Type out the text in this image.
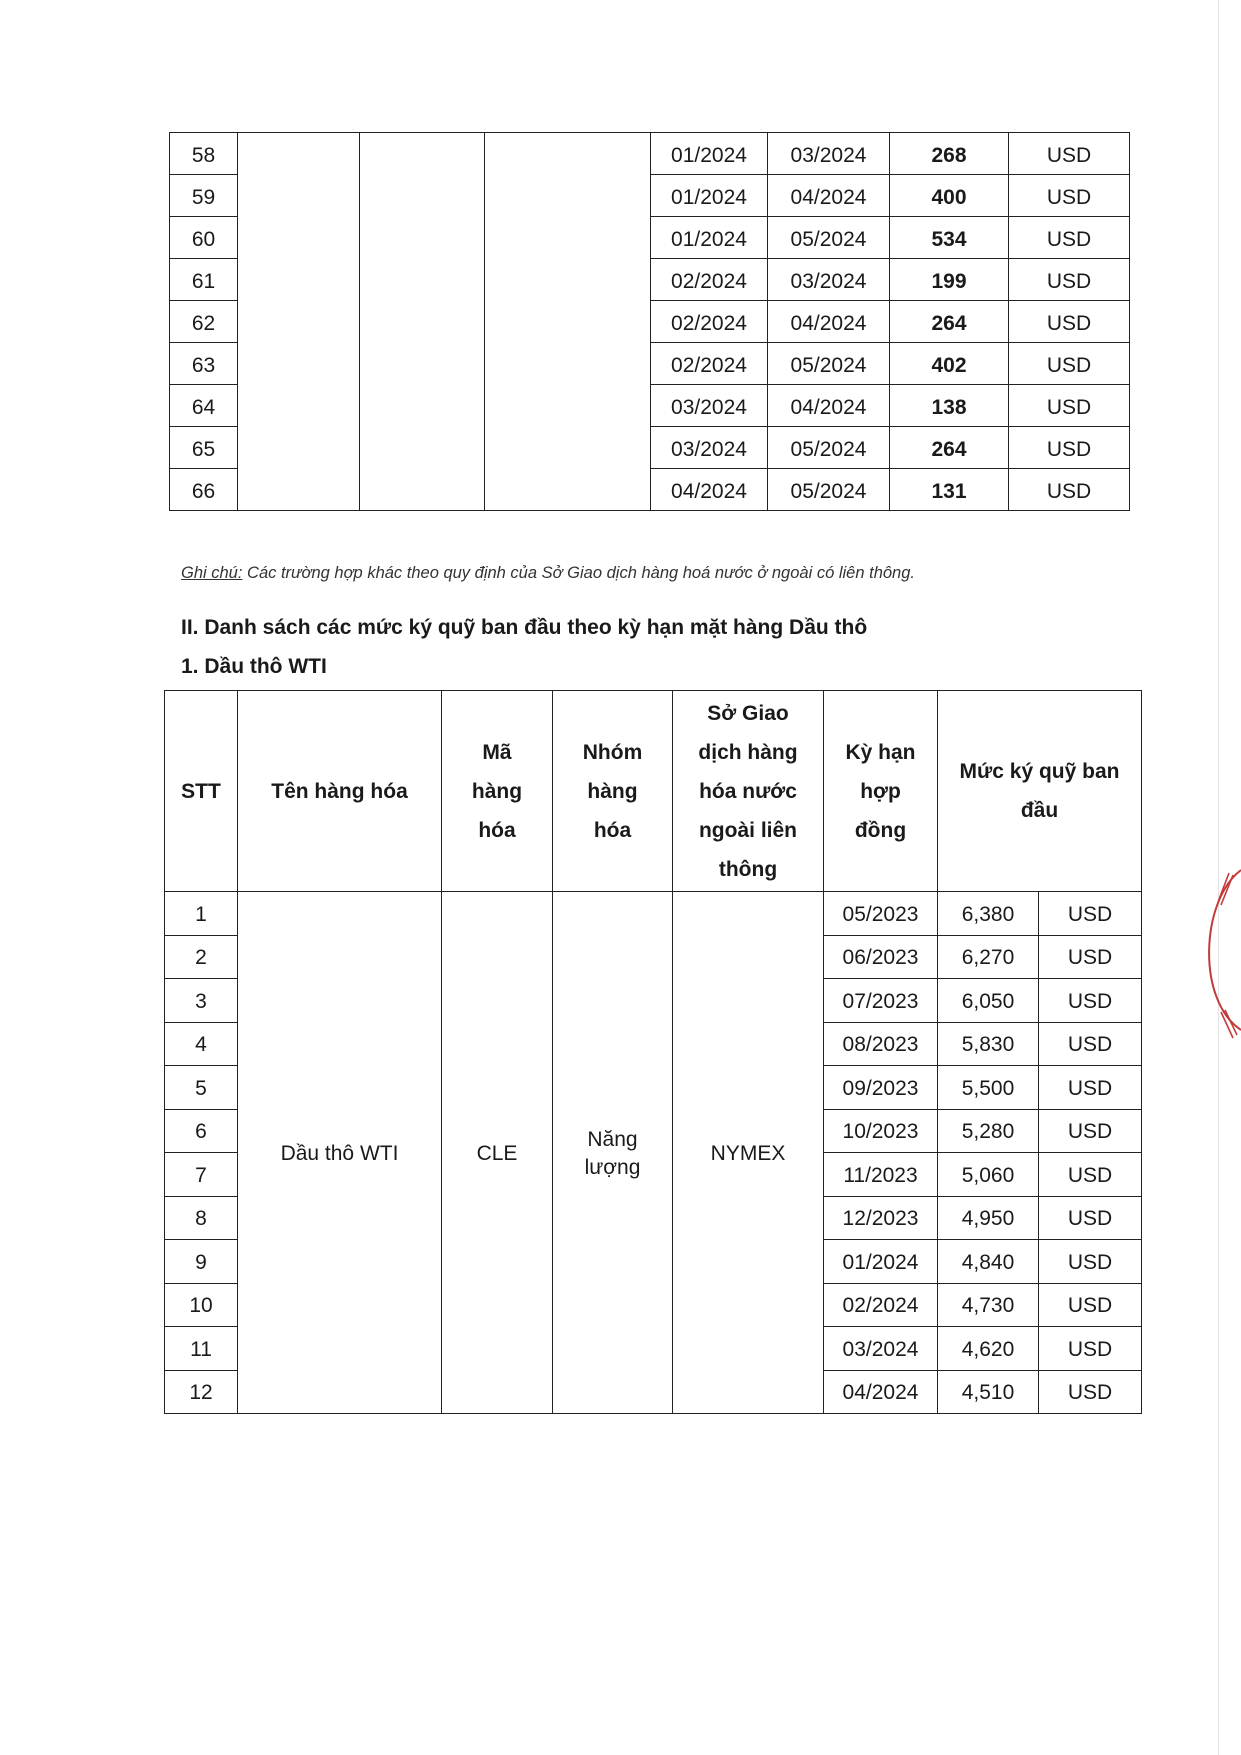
58				01/2024	03/2024	268	USD
59				01/2024	04/2024	400	USD
60				01/2024	05/2024	534	USD
61				02/2024	03/2024	199	USD
62				02/2024	04/2024	264	USD
63				02/2024	05/2024	402	USD
64				03/2024	04/2024	138	USD
65				03/2024	05/2024	264	USD
66				04/2024	05/2024	131	USD
Ghi chú: Các trường hợp khác theo quy định của Sở Giao dịch hàng hoá nước ở ngoài có liên thông.
II. Danh sách các mức ký quỹ ban đầu theo kỳ hạn mặt hàng Dầu thô
1. Dầu thô WTI
STT	Tên hàng hóa	Mã
hàng
hóa	Nhóm
hàng
hóa	Sở Giao
dịch hàng
hóa nước
ngoài liên
thông	Kỳ hạn
hợp
đồng	Mức ký quỹ ban
đầu	
1	Dầu thô WTI	CLE	Năng
lượng	NYMEX	05/2023	6,380	USD
2					06/2023	6,270	USD
3					07/2023	6,050	USD
4					08/2023	5,830	USD
5					09/2023	5,500	USD
6					10/2023	5,280	USD
7					11/2023	5,060	USD
8					12/2023	4,950	USD
9					01/2024	4,840	USD
10					02/2024	4,730	USD
11					03/2024	4,620	USD
12					04/2024	4,510	USD
